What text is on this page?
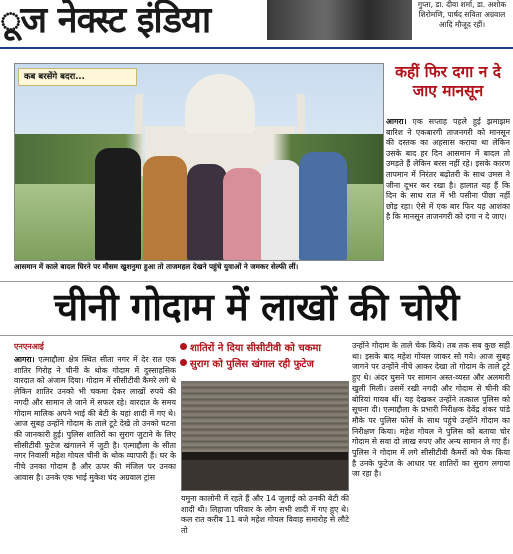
ूज नेक्स्ट इंडिया	गुप्ता, डा. दीवा शर्मा, डा. अशोक शिरोमणि, पार्षद सविता अग्रवाल आदि मौजूद रहीं।
कब बरसेंगे बदरा...
आसमान में काले बादल घिरने पर मौसम खुशनुमा हुआ तो ताजमहल देखने पहुंचे युवाओं ने जमकर सेल्फी लीं।
कहीं फिर दगा न दे जाए मानसून

आगरा। एक सप्ताह पहले हुई झमाझम बारिश ने एकबारगी ताजनगरी को मानसून की दस्तक का अहसास कराया था लेकिन उसके बाद हर दिन आसमान में बादल तो उमड़ते हैं लेकिन बरस नहीं रहे। इसके कारण तापमान में निरंतर बढ़ोतरी के साथ उमस ने जीना दूभर कर रखा है। हालात यह हैं कि दिन के साथ रात में भी पसीना पीछा नहीं छोड़ रहा। ऐसे में एक बार फिर यह आशंका है कि मानसून ताजनगरी को दगा न दे जाए।

चीनी गोदाम में लाखों की चोरी
एनएनआई

आगरा। एत्माद्दौला क्षेत्र स्थित सीता नगर में देर रात एक शातिर गिरोह ने चीनी के थोक गोदाम में दुस्साहसिक वारदात को अंजाम दिया। गोदाम में सीसीटीवी कैमरे लगे थे लेकिन शातिर उनको भी चकमा देकर लाखों रुपये की नगदी और सामान ले जाने में सफल रहे। वारदात के समय गोदाम मालिक अपने भाई की बेटी के यहां शादी में गए थे। आज सुबह उन्होंने गोदाम के ताले टूटे देखे तो उनको घटना की जानकारी हुई। पुलिस शातिरों का सुराग जुटाने के लिए सीसीटीवी फुटेज खंगालने में जुटी है। एत्माद्दौला के सीता नगर निवासी महेश गोयल चीनी के थोक व्यापारी हैं। घर के नीचे उनका गोदाम है और ऊपर की मंजिल पर उनका आवास है। उनके एक भाई मुकेश चंद अग्रवाल ट्रांस

शातिरों ने दिया सीसीटीवी को चकमा
सुराग को पुलिस खंगाल रही फुटेज
यमुना कालोनी में रहते हैं और 14 जुलाई को उनकी बेटी की शादी थी। लिहाजा परिवार के लोग सभी शादी में गए हुए थे। कल रात करीब 11 बजे महेश गोयल विवाह समारोह से लौटे तो
उन्होंने गोदाम के ताले चेक किये। तब तक सब कुछ सही था। इसके बाद महेश गोयल जाकर सो गये। आज सुबह जागने पर उन्होंने नीचे आकर देखा तो गोदाम के ताले टूटे हुए थे। अंदर घुसने पर सामान अस्त-व्यस्त और अलमारी खुली मिली। उसमें रखी नगदी और गोदाम से चीनी की बोरियां गायब थीं। यह देखकर उन्होंने तत्काल पुलिस को सूचना दी। एत्माद्दौला के प्रभारी निरीक्षक देवेंद्र शंकर पांडे मौके पर पुलिस फोर्स के साथ पहुंचे उन्होंने गोदाम का निरीक्षण किया। महेश गोयल ने पुलिस को बताया चोर गोदाम से सवा दो लाख रुपए और अन्य सामान ले गए हैं। पुलिस ने गोदाम में लगे सीसीटीवी कैमरों को चेक किया है उनके फुटेज के आधार पर शातिरों का सुराग लगाया जा रहा है।
